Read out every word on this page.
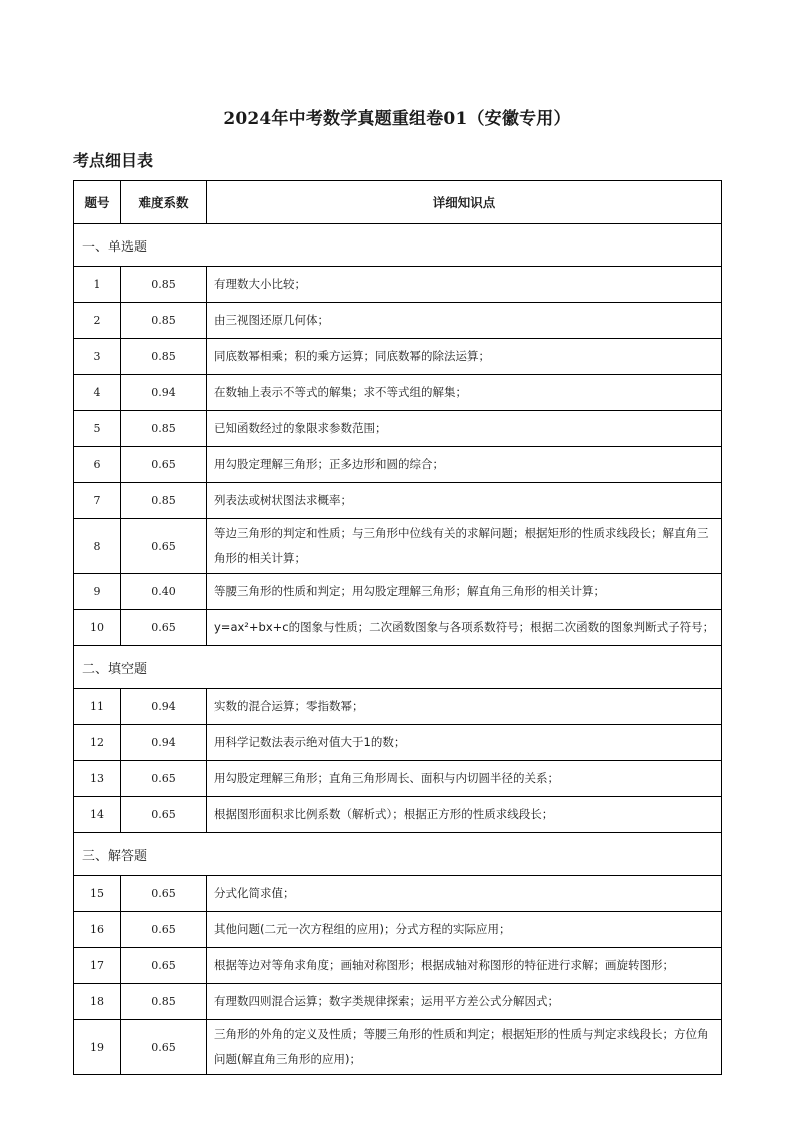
2024年中考数学真题重组卷01（安徽专用）
考点细目表
题号	难度系数	详细知识点
一、单选题		
1	0.85	有理数大小比较；
2	0.85	由三视图还原几何体；
3	0.85	同底数幂相乘；积的乘方运算；同底数幂的除法运算；
4	0.94	在数轴上表示不等式的解集；求不等式组的解集；
5	0.85	已知函数经过的象限求参数范围；
6	0.65	用勾股定理解三角形；正多边形和圆的综合；
7	0.85	列表法或树状图法求概率；
8	0.65	等边三角形的判定和性质；与三角形中位线有关的求解问题；根据矩形的性质求线段长；解直角三角形的相关计算；
9	0.40	等腰三角形的性质和判定；用勾股定理解三角形；解直角三角形的相关计算；
10	0.65	y=ax²+bx+c的图象与性质；二次函数图象与各项系数符号；根据二次函数的图象判断式子符号；
二、填空题		
11	0.94	实数的混合运算；零指数幂；
12	0.94	用科学记数法表示绝对值大于1的数；
13	0.65	用勾股定理解三角形；直角三角形周长、面积与内切圆半径的关系；
14	0.65	根据图形面积求比例系数（解析式）；根据正方形的性质求线段长；
三、解答题		
15	0.65	分式化简求值；
16	0.65	其他问题(二元一次方程组的应用)；分式方程的实际应用；
17	0.65	根据等边对等角求角度；画轴对称图形；根据成轴对称图形的特征进行求解；画旋转图形；
18	0.85	有理数四则混合运算；数字类规律探索；运用平方差公式分解因式；
19	0.65	三角形的外角的定义及性质；等腰三角形的性质和判定；根据矩形的性质与判定求线段长；方位角问题(解直角三角形的应用)；
